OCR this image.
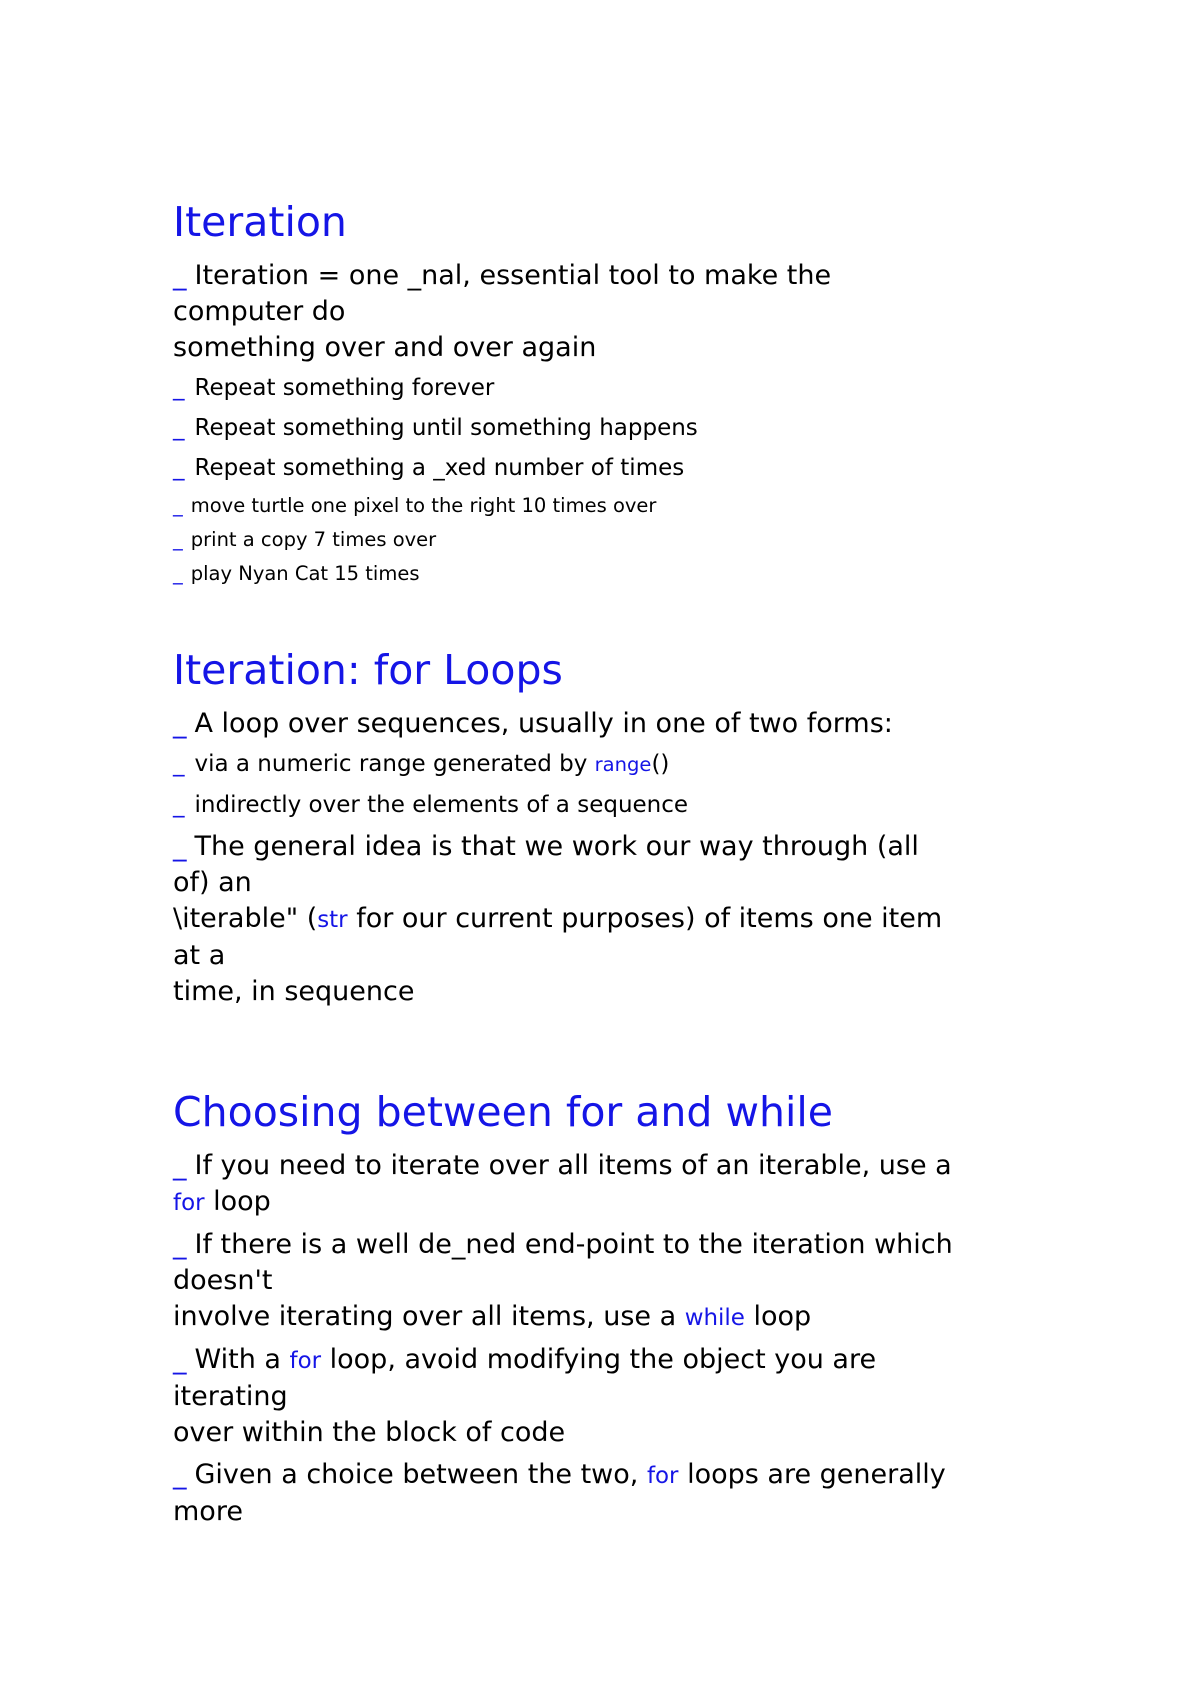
Iteration
_ Iteration = one _nal, essential tool to make the
computer do
something over and over again
_ Repeat something forever
_ Repeat something until something happens
_ Repeat something a _xed number of times
_ move turtle one pixel to the right 10 times over
_ print a copy 7 times over
_ play Nyan Cat 15 times
Iteration: for Loops
_ A loop over sequences, usually in one of two forms:
_ via a numeric range generated by range()
_ indirectly over the elements of a sequence
_ The general idea is that we work our way through (all
of) an
\iterable" (str for our current purposes) of items one item
at a
time, in sequence
Choosing between for and while
_ If you need to iterate over all items of an iterable, use a
for loop
_ If there is a well de_ned end-point to the iteration which
doesn't
involve iterating over all items, use a while loop
_ With a for loop, avoid modifying the object you are
iterating
over within the block of code
_ Given a choice between the two, for loops are generally
more
